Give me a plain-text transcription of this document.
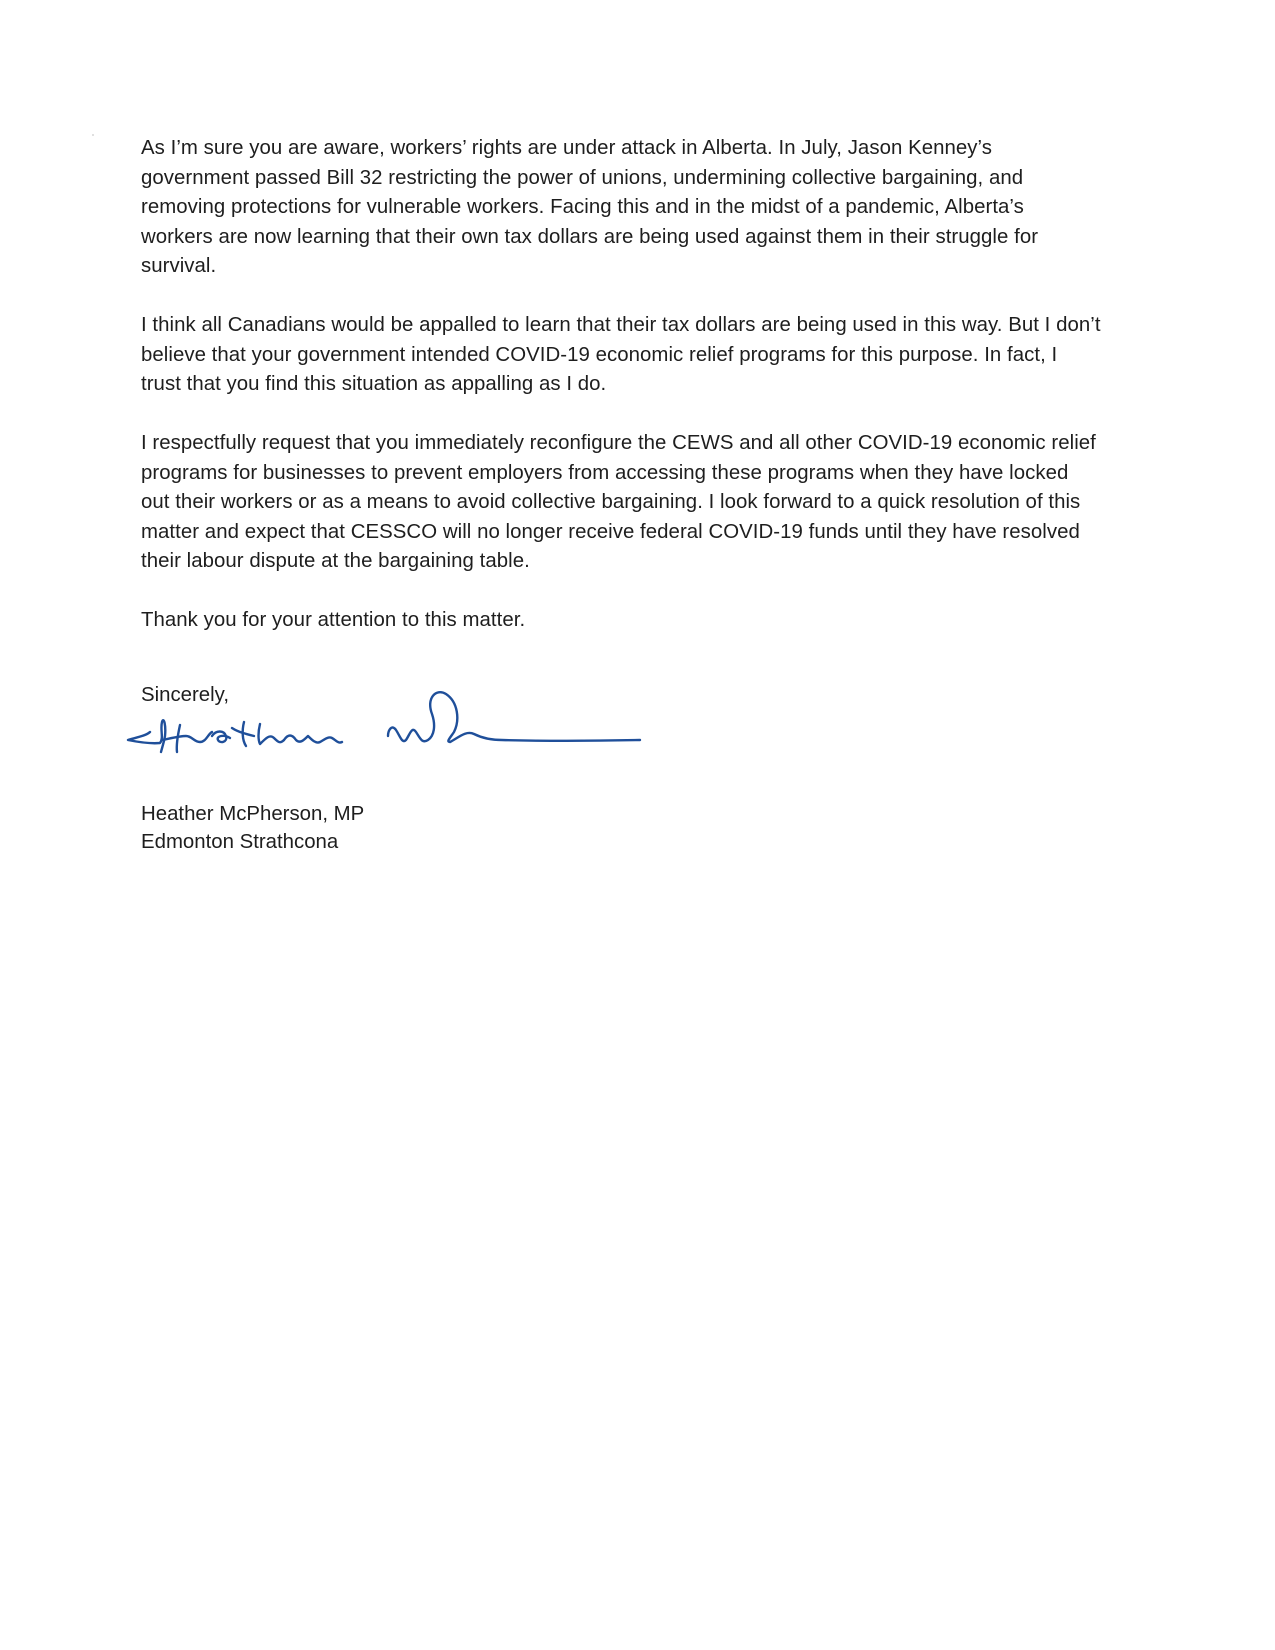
As I’m sure you are aware, workers’ rights are under attack in Alberta. In July, Jason Kenney’s government passed Bill 32 restricting the power of unions, undermining collective bargaining, and removing protections for vulnerable workers. Facing this and in the midst of a pandemic, Alberta’s workers are now learning that their own tax dollars are being used against them in their struggle for survival.

I think all Canadians would be appalled to learn that their tax dollars are being used in this way. But I don’t believe that your government intended COVID-19 economic relief programs for this purpose. In fact, I trust that you find this situation as appalling as I do.

I respectfully request that you immediately reconfigure the CEWS and all other COVID-19 economic relief programs for businesses to prevent employers from accessing these programs when they have locked out their workers or as a means to avoid collective bargaining. I look forward to a quick resolution of this matter and expect that CESSCO will no longer receive federal COVID-19 funds until they have resolved their labour dispute at the bargaining table.

Thank you for your attention to this matter.

Sincerely,
Heather McPherson, MP
Edmonton Strathcona
